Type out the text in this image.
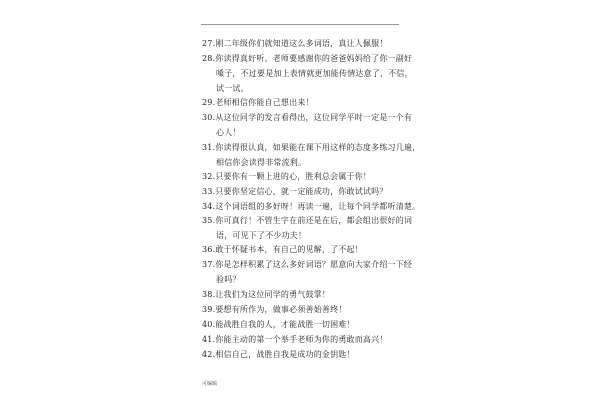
27.刚二年级你们就知道这么多词语，真让人佩服！
28.你读得真好听。老师要感谢你的爸爸妈妈给了你一副好
嗓子，不过要是加上表情就更加能传情达意了，不信，
试一试。
29.老师相信你能自己想出来！
30.从这位同学的发言看得出，这位同学平时一定是一个有
心人！
31.你读得很认真，如果能在课下用这样的态度多练习几遍，
相信你会读得非常流利。
32.只要你有一颗上进的心，胜利总会属于你！
33.只要你坚定信心，就一定能成功，你敢试试吗？
34.这个词语组的多好呀！再读一遍，让每个同学都听清楚。
35.你可真行！不管生字在前还是在后，都会组出很好的词
语，可见下了不少功夫！
36.敢于怀疑书本，有自己的见解，了不起！
37.你是怎样积累了这么多好词语？愿意向大家介绍一下经
验吗？
38.让我们为这位同学的勇气鼓掌！
39.要想有所作为，做事必须善始善终！
40.能战胜自我的人，才能战胜一切困难！
41.你能主动的第一个举手老师为你的勇敢而高兴！
42.相信自己，战胜自我是成功的金钥匙！
可编辑
